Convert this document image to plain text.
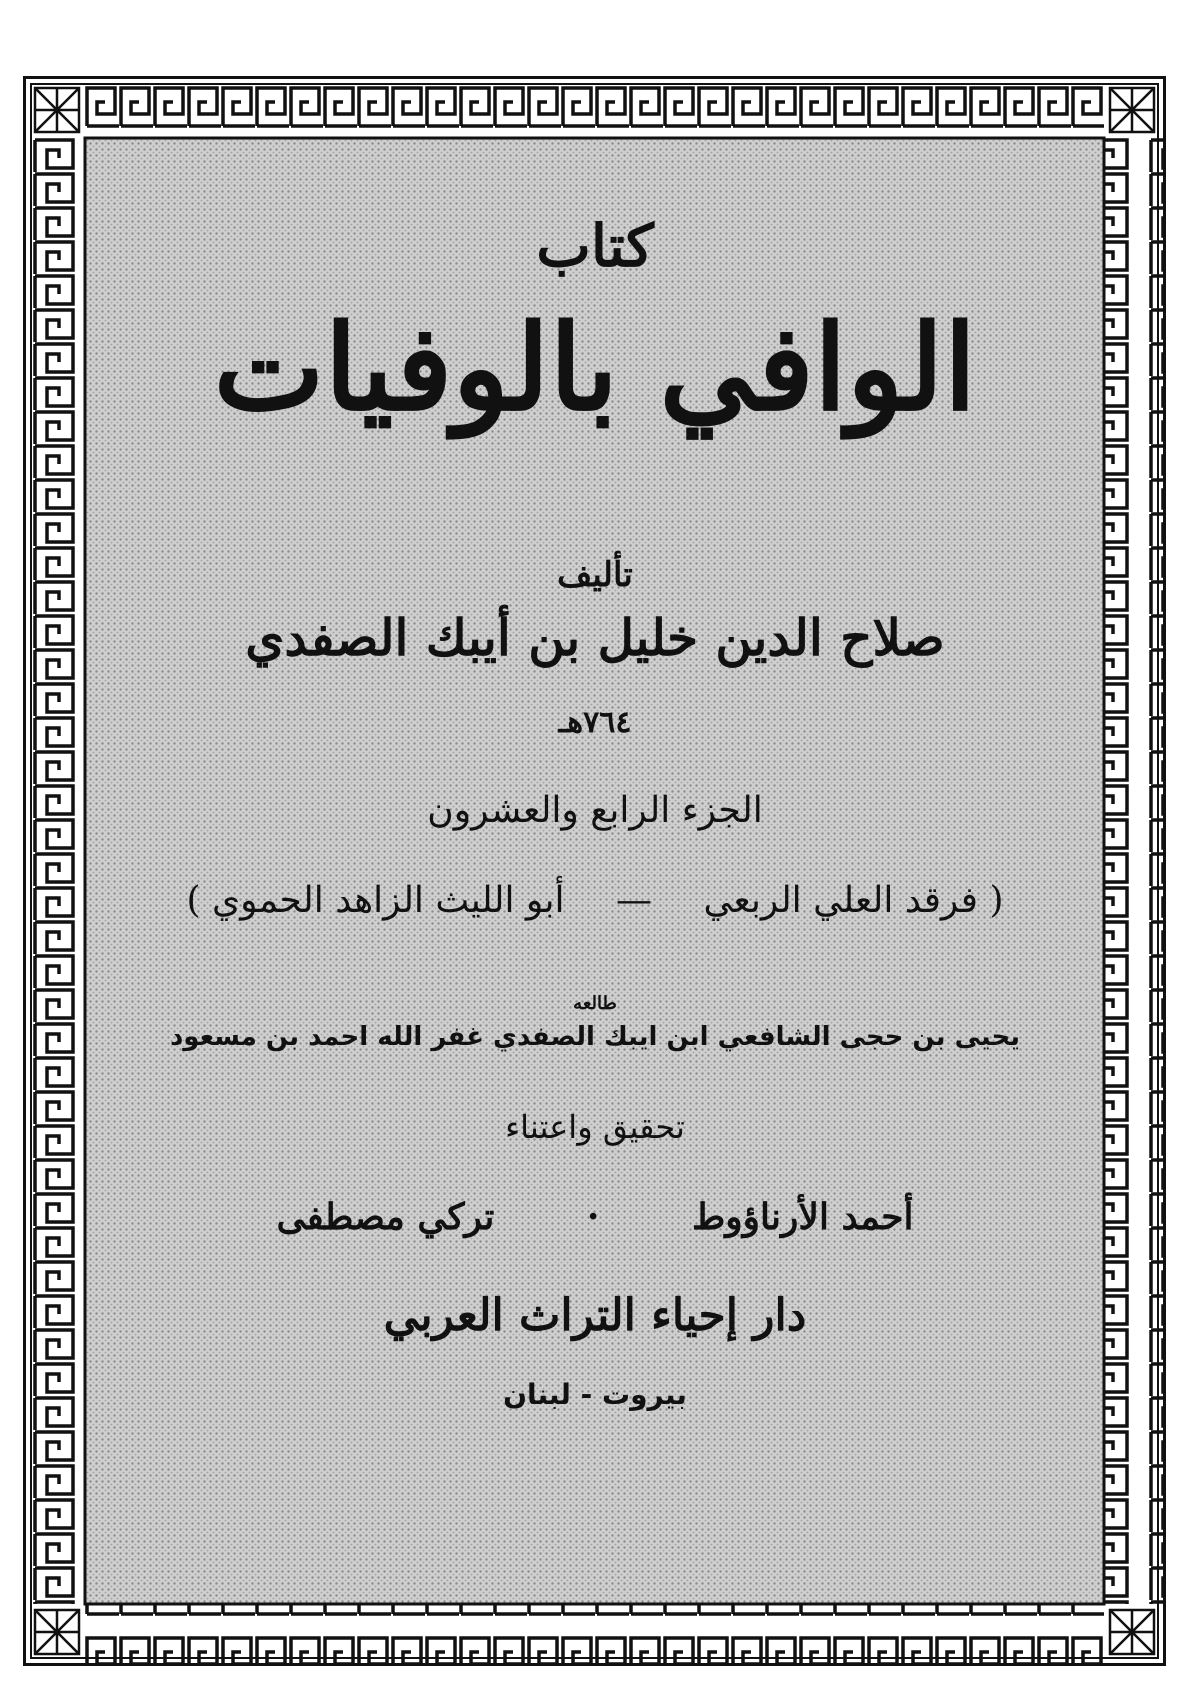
كتاب
الوافي بالوفيات
تأليف
صلاح الدين خليل بن أيبك الصفدي
٧٦٤هـ
الجزء الرابع والعشرون
( فرقد العلي الربعي — أبو الليث الزاهد الحموي )
طالعه
يحيى بن حجى الشافعي ابن ايبك الصفدي غفر الله احمد بن مسعود
تحقيق واعتناء
أحمد الأرناؤوط · تركي مصطفى
دار إحياء التراث العربي
بيروت - لبنان
